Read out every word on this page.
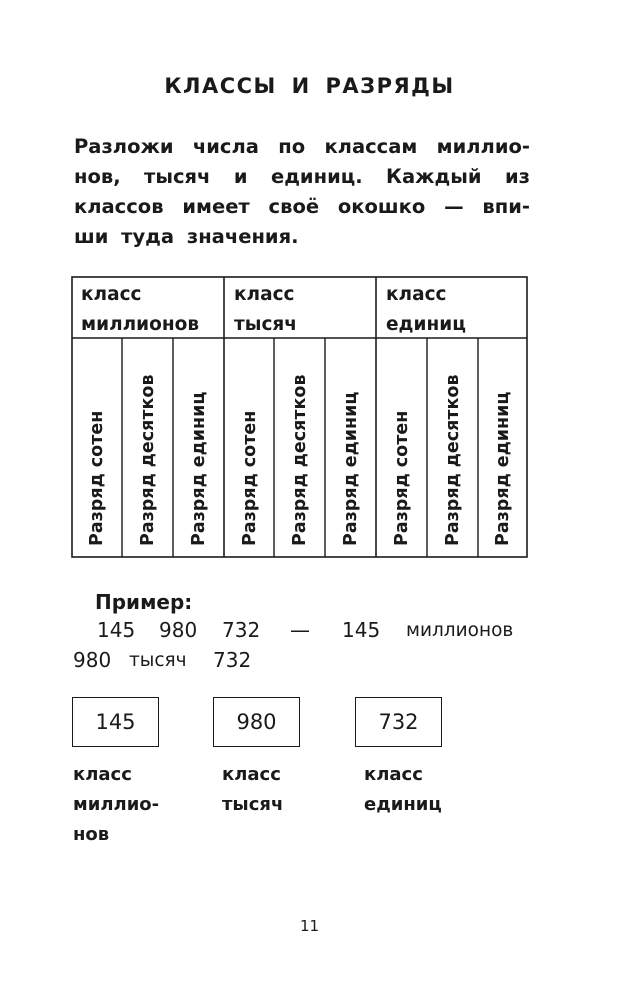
КЛАССЫ И РАЗРЯДЫ
Разложи числа по классам миллио-
нов, тысяч и единиц. Каждый из
классов имеет своё окошко — впи-
ши туда значения.
класс
миллионов
класс
тысяч
класс
единиц
Разряд сотен Разряд десятков Разряд единиц Разряд сотен Разряд десятков Разряд единиц Разряд сотен Разряд десятков Разряд единиц
Пример:
145 980 732 — 145 миллионов
980 тысяч 732
145	980	732
класс
миллио-
нов
класс
тысяч
класс
единиц
11
